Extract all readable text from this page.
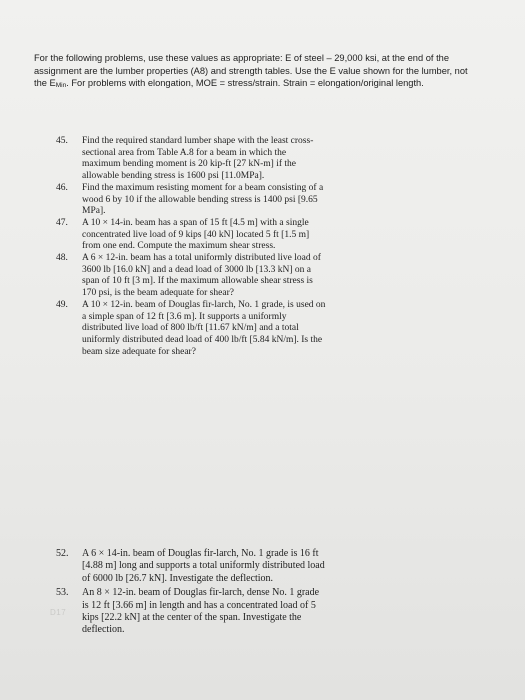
For the following problems, use these values as appropriate: E of steel – 29,000 ksi, at the end of the
assignment are the lumber properties (A8) and strength tables. Use the E value shown for the lumber, not
the EMin. For problems with elongation, MOE = stress/strain. Strain = elongation/original length.

45. Find the required standard lumber shape with the least cross-sectional area from Table A.8 for a beam in which the maximum bending moment is 20 kip-ft [27 kN-m] if the allowable bending stress is 1600 psi [11.0MPa].

46. Find the maximum resisting moment for a beam consisting of a wood 6 by 10 if the allowable bending stress is 1400 psi [9.65 MPa].

47. A 10 × 14-in. beam has a span of 15 ft [4.5 m] with a single concentrated live load of 9 kips [40 kN] located 5 ft [1.5 m] from one end. Compute the maximum shear stress.

48. A 6 × 12-in. beam has a total uniformly distributed live load of 3600 lb [16.0 kN] and a dead load of 3000 lb [13.3 kN] on a span of 10 ft [3 m]. If the maximum allowable shear stress is 170 psi, is the beam adequate for shear?

49. A 10 × 12-in. beam of Douglas fir-larch, No. 1 grade, is used on a simple span of 12 ft [3.6 m]. It supports a uniformly distributed live load of 800 lb/ft [11.67 kN/m] and a total uniformly distributed dead load of 400 lb/ft [5.84 kN/m]. Is the beam size adequate for shear?

52. A 6 × 14-in. beam of Douglas fir-larch, No. 1 grade is 16 ft [4.88 m] long and supports a total uniformly distributed load of 6000 lb [26.7 kN]. Investigate the deflection.

53. An 8 × 12-in. beam of Douglas fir-larch, dense No. 1 grade is 12 ft [3.66 m] in length and has a concentrated load of 5 kips [22.2 kN] at the center of the span. Investigate the deflection.

D17
